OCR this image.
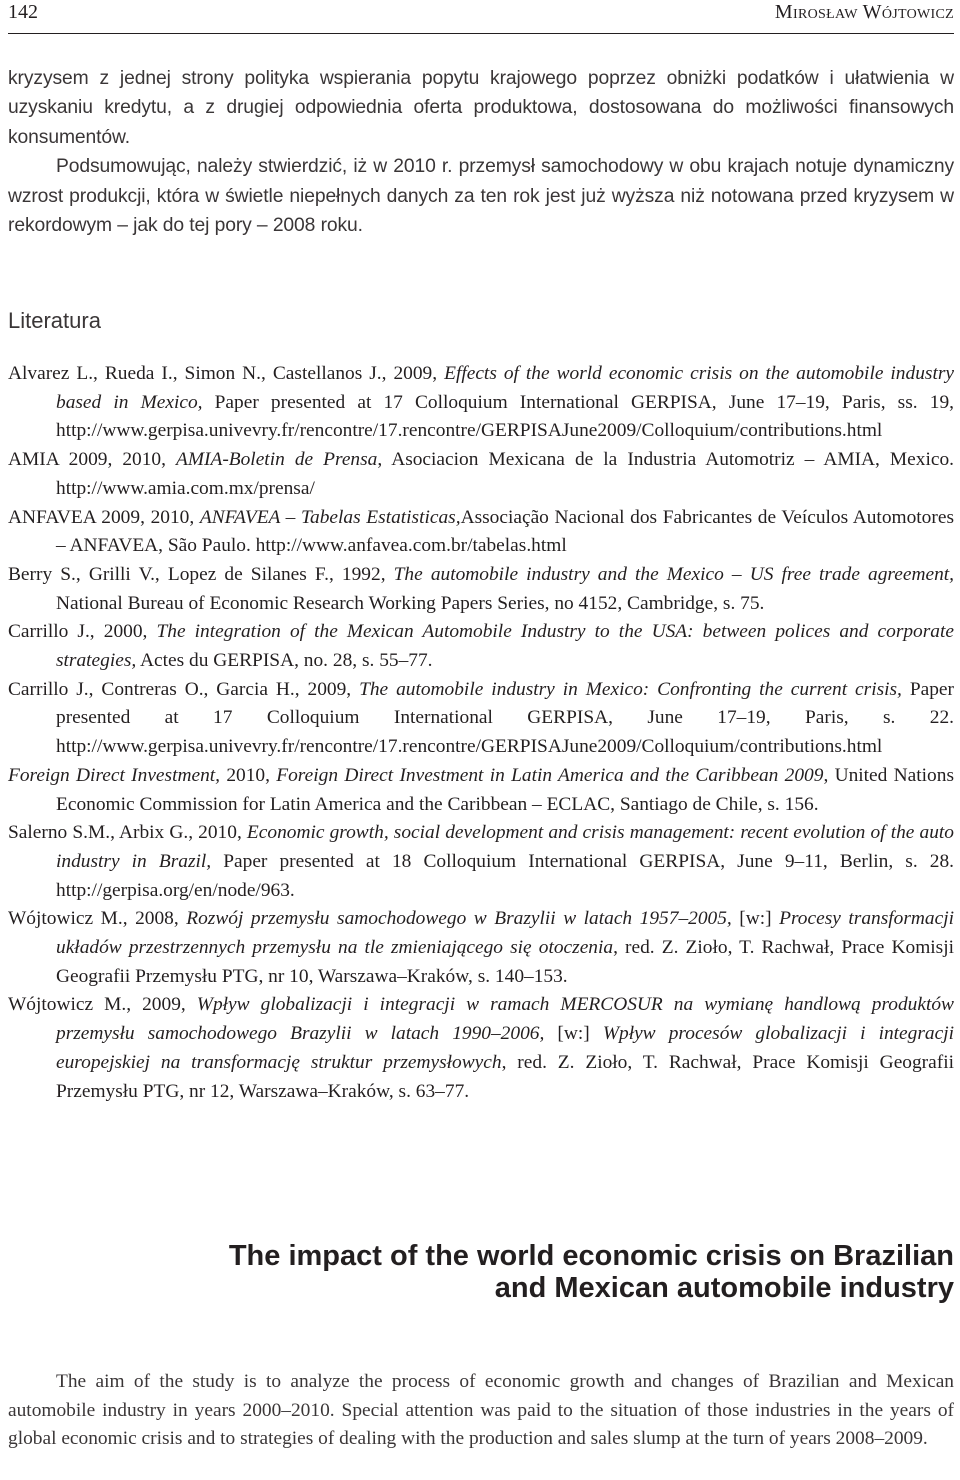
142	Mirosław Wójtowicz

kryzysem z jednej strony polityka wspierania popytu krajowego poprzez obniżki podatków i ułatwienia w uzyskaniu kredytu, a z drugiej odpowiednia oferta produktowa, dostosowana do możliwości finansowych konsumentów.

Podsumowując, należy stwierdzić, iż w 2010 r. przemysł samochodowy w obu krajach notuje dynamiczny wzrost produkcji, która w świetle niepełnych danych za ten rok jest już wyższa niż notowana przed kryzysem w rekordowym – jak do tej pory – 2008 roku.

Literatura

Alvarez L., Rueda I., Simon N., Castellanos J., 2009, Effects of the world economic crisis on the automobile industry based in Mexico, Paper presented at 17 Colloquium International GERPISA, June 17–19, Paris, ss. 19, http://www.gerpisa.univevry.fr/rencontre/17.rencontre/GERPISAJune2009/Colloquium/contributions.html

AMIA 2009, 2010, AMIA-Boletin de Prensa, Asociacion Mexicana de la Industria Automotriz – AMIA, Mexico. http://www.amia.com.mx/prensa/

ANFAVEA 2009, 2010, ANFAVEA – Tabelas Estatisticas,Associação Nacional dos Fabricantes de Veículos Automotores – ANFAVEA, São Paulo. http://www.anfavea.com.br/tabelas.html

Berry S., Grilli V., Lopez de Silanes F., 1992, The automobile industry and the Mexico – US free trade agreement, National Bureau of Economic Research Working Papers Series, no 4152, Cambridge, s. 75.

Carrillo J., 2000, The integration of the Mexican Automobile Industry to the USA: between polices and corporate strategies, Actes du GERPISA, no. 28, s. 55–77.

Carrillo J., Contreras O., Garcia H., 2009, The automobile industry in Mexico: Confronting the current crisis, Paper presented at 17 Colloquium International GERPISA, June 17–19, Paris, s. 22. http://www.gerpisa.univevry.fr/rencontre/17.rencontre/GERPISAJune2009/Colloquium/contributions.html

Foreign Direct Investment, 2010, Foreign Direct Investment in Latin America and the Caribbean 2009, United Nations Economic Commission for Latin America and the Caribbean – ECLAC, Santiago de Chile, s. 156.

Salerno S.M., Arbix G., 2010, Economic growth, social development and crisis management: recent evolution of the auto industry in Brazil, Paper presented at 18 Colloquium International GERPISA, June 9–11, Berlin, s. 28. http://gerpisa.org/en/node/963.

Wójtowicz M., 2008, Rozwój przemysłu samochodowego w Brazylii w latach 1957–2005, [w:] Procesy transformacji układów przestrzennych przemysłu na tle zmieniającego się otoczenia, red. Z. Zioło, T. Rachwał, Prace Komisji Geografii Przemysłu PTG, nr 10, Warszawa–Kraków, s. 140–153.

Wójtowicz M., 2009, Wpływ globalizacji i integracji w ramach MERCOSUR na wymianę handlową produktów przemysłu samochodowego Brazylii w latach 1990–2006, [w:] Wpływ procesów globalizacji i integracji europejskiej na transformację struktur przemysłowych, red. Z. Zioło, T. Rachwał, Prace Komisji Geografii Przemysłu PTG, nr 12, Warszawa–Kraków, s. 63–77.

The impact of the world economic crisis on Brazilian
and Mexican automobile industry

The aim of the study is to analyze the process of economic growth and changes of Brazilian and Mexican automobile industry in years 2000–2010. Special attention was paid to the situation of those industries in the years of global economic crisis and to strategies of dealing with the production and sales slump at the turn of years 2008–2009.
